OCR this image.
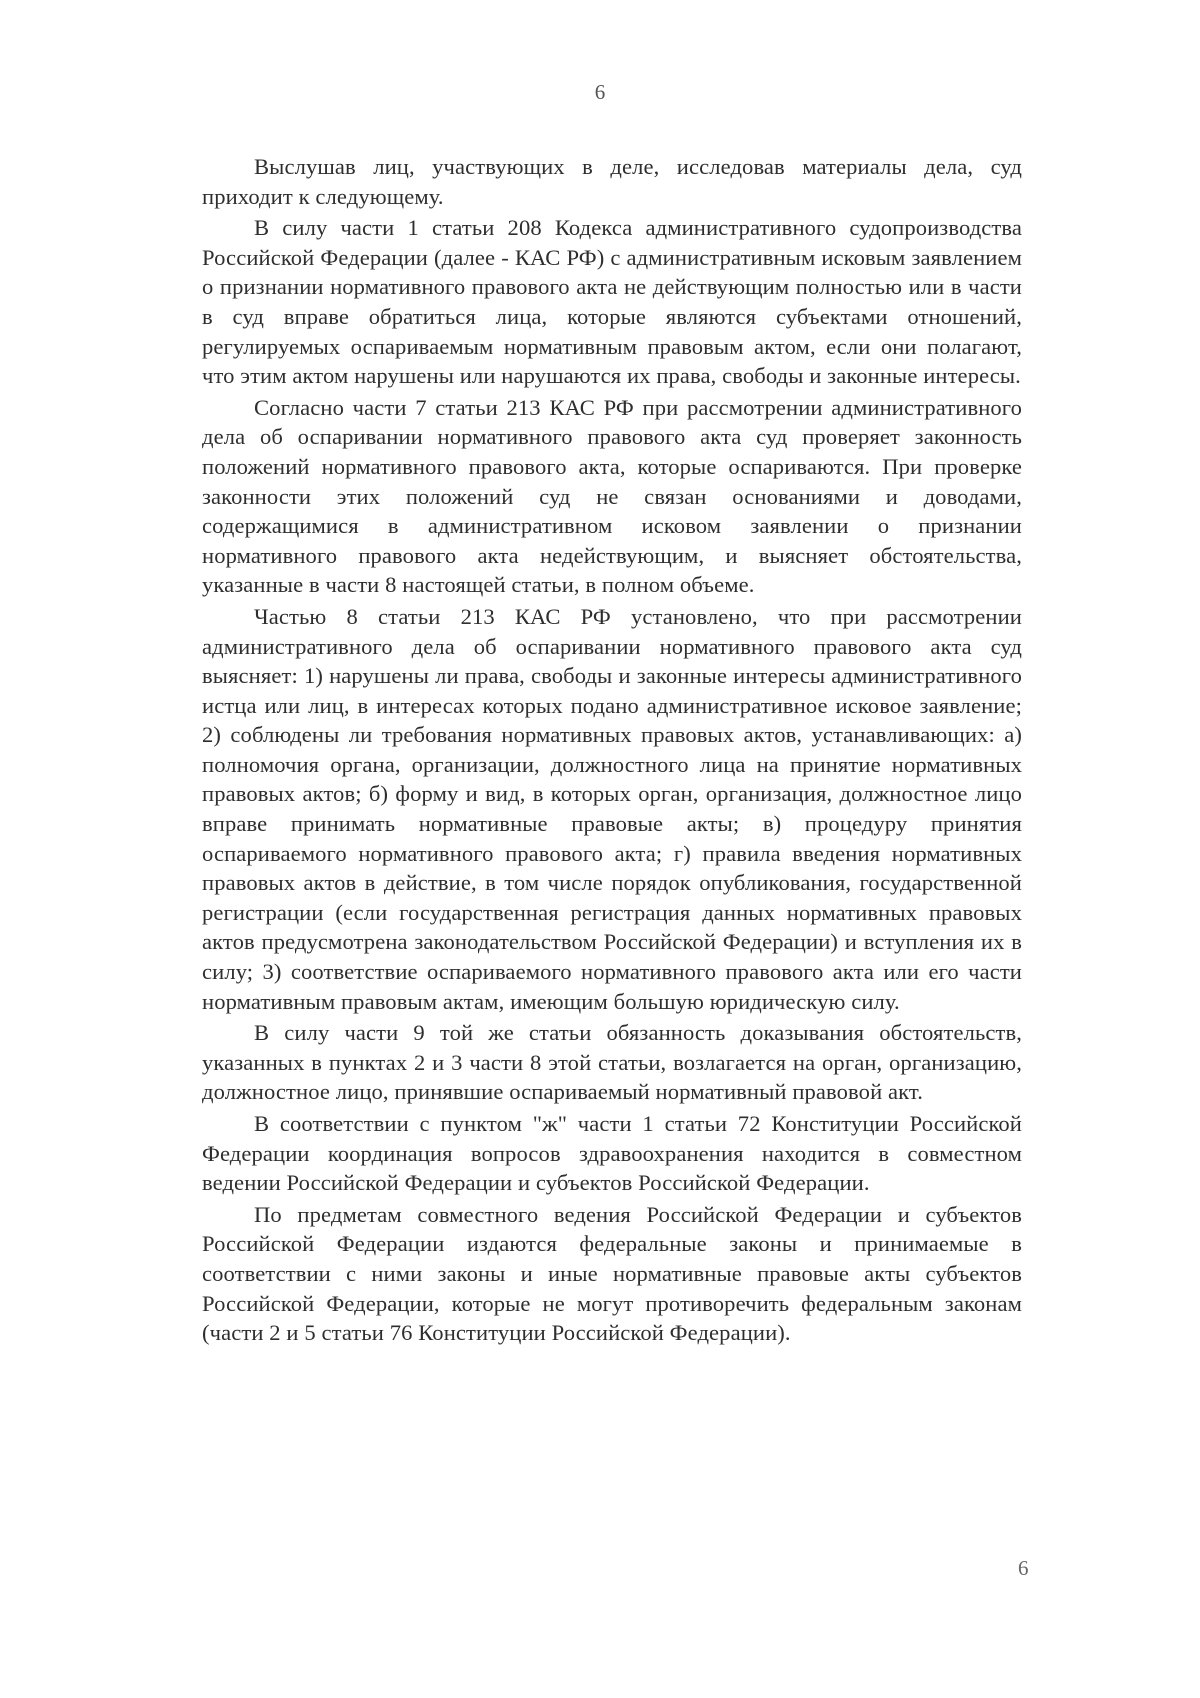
6

Выслушав лиц, участвующих в деле, исследовав материалы дела, суд приходит к следующему.

В силу части 1 статьи 208 Кодекса административного судопроизводства Российской Федерации (далее - КАС РФ) с административным исковым заявлением о признании нормативного правового акта не действующим полностью или в части в суд вправе обратиться лица, которые являются субъектами отношений, регулируемых оспариваемым нормативным правовым актом, если они полагают, что этим актом нарушены или нарушаются их права, свободы и законные интересы.

Согласно части 7 статьи 213 КАС РФ при рассмотрении административного дела об оспаривании нормативного правового акта суд проверяет законность положений нормативного правового акта, которые оспариваются. При проверке законности этих положений суд не связан основаниями и доводами, содержащимися в административном исковом заявлении о признании нормативного правового акта недействующим, и выясняет обстоятельства, указанные в части 8 настоящей статьи, в полном объеме.

Частью 8 статьи 213 КАС РФ установлено, что при рассмотрении административного дела об оспаривании нормативного правового акта суд выясняет: 1) нарушены ли права, свободы и законные интересы административного истца или лиц, в интересах которых подано административное исковое заявление; 2) соблюдены ли требования нормативных правовых актов, устанавливающих: а) полномочия органа, организации, должностного лица на принятие нормативных правовых актов; б) форму и вид, в которых орган, организация, должностное лицо вправе принимать нормативные правовые акты; в) процедуру принятия оспариваемого нормативного правового акта; г) правила введения нормативных правовых актов в действие, в том числе порядок опубликования, государственной регистрации (если государственная регистрация данных нормативных правовых актов предусмотрена законодательством Российской Федерации) и вступления их в силу; 3) соответствие оспариваемого нормативного правового акта или его части нормативным правовым актам, имеющим большую юридическую силу.

В силу части 9 той же статьи обязанность доказывания обстоятельств, указанных в пунктах 2 и 3 части 8 этой статьи, возлагается на орган, организацию, должностное лицо, принявшие оспариваемый нормативный правовой акт.

В соответствии с пунктом "ж" части 1 статьи 72 Конституции Российской Федерации координация вопросов здравоохранения находится в совместном ведении Российской Федерации и субъектов Российской Федерации.

По предметам совместного ведения Российской Федерации и субъектов Российской Федерации издаются федеральные законы и принимаемые в соответствии с ними законы и иные нормативные правовые акты субъектов Российской Федерации, которые не могут противоречить федеральным законам (части 2 и 5 статьи 76 Конституции Российской Федерации).

6
